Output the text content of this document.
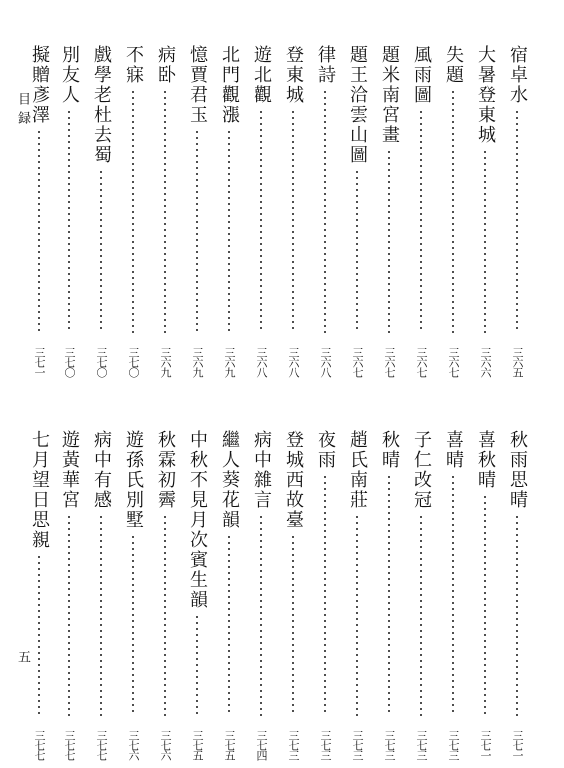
目録
五
宿卓水
三六五
大暑登東城
三六六
失題
三六七
風雨圖
三六七
題米南宮畫
三六七
題王洽雲山圖
三六七
律詩
三六八
登東城
三六八
遊北觀
三六八
北門觀漲
三六九
憶賈君玉
三六九
病卧
三六九
不寐
三七〇
戲學老杜去蜀
三七〇
別友人
三七〇
擬贈彥澤
三七一
秋雨思晴
三七一
喜秋晴
三七一
喜晴
三七三
子仁改冠
三七三
秋晴
三七三
趙氏南莊
三七三
夜雨
三七三
登城西故臺
三七三
病中雜言
三七四
繼人葵花韻
三七五
中秋不見月次賓生韻
三七五
秋霖初霽
三七六
遊孫氏別墅
三七六
病中有感
三七七
遊黃華宮
三七七
七月望日思親
三七七
